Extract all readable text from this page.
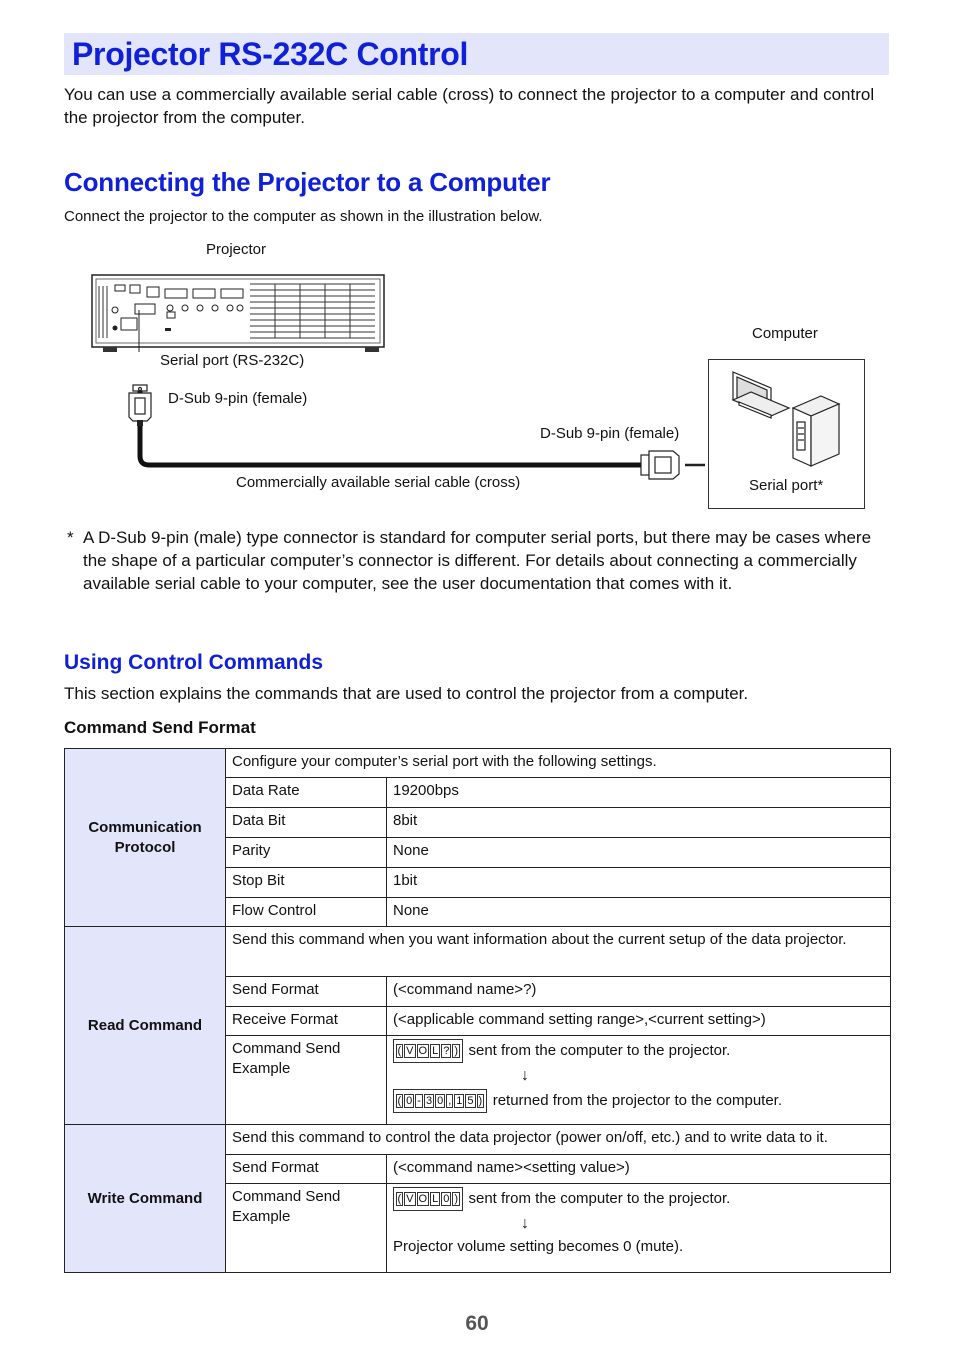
Projector RS-232C Control
You can use a commercially available serial cable (cross) to connect the projector to a computer and control the projector from the computer.
Connecting the Projector to a Computer
Connect the projector to the computer as shown in the illustration below.
Projector
Serial port (RS-232C)
D-Sub 9-pin (female)
D-Sub 9-pin (female)
Commercially available serial cable (cross)
Computer
Serial port*
* A D-Sub 9-pin (male) type connector is standard for computer serial ports, but there may be cases where the shape of a particular computer’s connector is different. For details about connecting a commercially available serial cable to your computer, see the user documentation that comes with it.
Using Control Commands
This section explains the commands that are used to control the projector from a computer.
Command Send Format
Communication Protocol	Configure your computer’s serial port with the following settings.	
	Data Rate	19200bps
	Data Bit	8bit
	Parity	None
	Stop Bit	1bit
	Flow Control	None
Read Command	Send this command when you want information about the current setup of the data projector.	
	Send Format	(<command name>?)
	Receive Format	(<applicable command setting range>,<current setting>)
	Command Send Example	( V O L ? ) sent from the computer to the projector.
↓
( 0 - 3 0 , 1 5 ) returned from the projector to the computer.
Write Command	Send this command to control the data projector (power on/off, etc.) and to write data to it.	
	Send Format	(<command name><setting value>)
	Command Send Example	( V O L 0 ) sent from the computer to the projector.
↓
Projector volume setting becomes 0 (mute).
60
